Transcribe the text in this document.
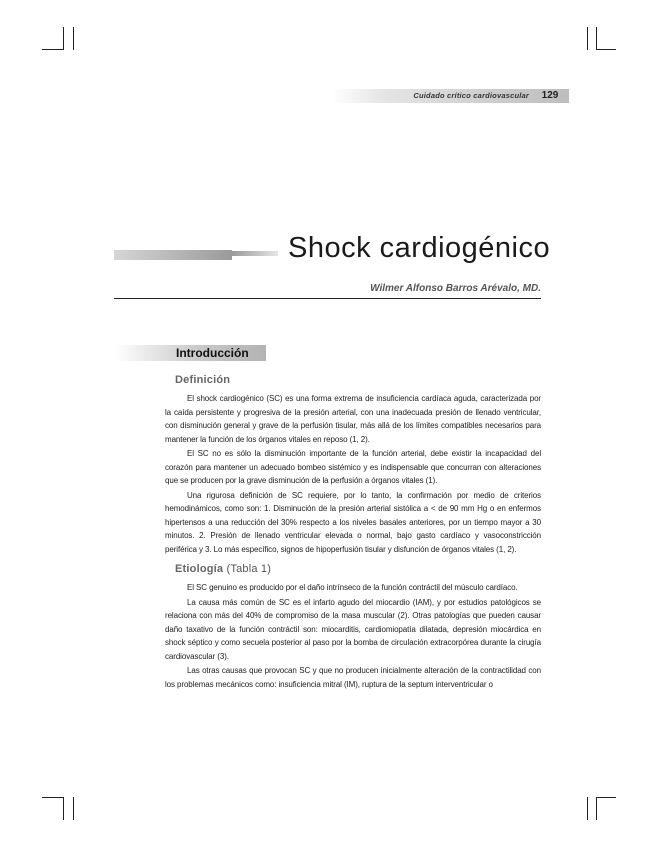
Cuidado crítico cardiovascular	129
Shock cardiogénico
Wilmer Alfonso Barros Arévalo, MD.
Introducción
Definición

El shock cardiogénico (SC) es una forma extrema de insuficiencia cardíaca aguda, caracterizada por la caída persistente y progresiva de la presión arterial, con una inadecuada presión de llenado ventricular, con disminución general y grave de la perfusión tisular, más allá de los límites compatibles necesarios para mantener la función de los órganos vitales en reposo (1, 2).

El SC no es sólo la disminución importante de la función arterial, debe existir la incapacidad del corazón para mantener un adecuado bombeo sistémico y es indispensable que concurran con alteraciones que se producen por la grave disminución de la perfusión a órganos vitales (1).

Una rigurosa definición de SC requiere, por lo tanto, la confirmación por medio de criterios hemodinámicos, como son: 1. Disminución de la presión arterial sistólica a < de 90 mm Hg o en enfermos hipertensos a una reducción del 30% respecto a los niveles basales anteriores, por un tiempo mayor a 30 minutos. 2. Presión de llenado ventricular elevada o normal, bajo gasto cardíaco y vasoconstricción periférica y 3. Lo más específico, signos de hipoperfusión tisular y disfunción de órganos vitales (1, 2).

Etiología (Tabla 1)

El SC genuino es producido por el daño intrínseco de la función contráctil del músculo cardíaco.

La causa más común de SC es el infarto agudo del miocardio (IAM), y por estudios patológicos se relaciona con más del 40% de compromiso de la masa muscular (2). Otras patologías que pueden causar daño taxativo de la función contráctil son: miocarditis, cardiomiopatía dilatada, depresión miocárdica en shock séptico y como secuela posterior al paso por la bomba de circulación extracorpórea durante la cirugía cardiovascular (3).

Las otras causas que provocan SC y que no producen inicialmente alteración de la contractilidad con los problemas mecánicos como: insuficiencia mitral (IM), ruptura de la septum interventricular o
